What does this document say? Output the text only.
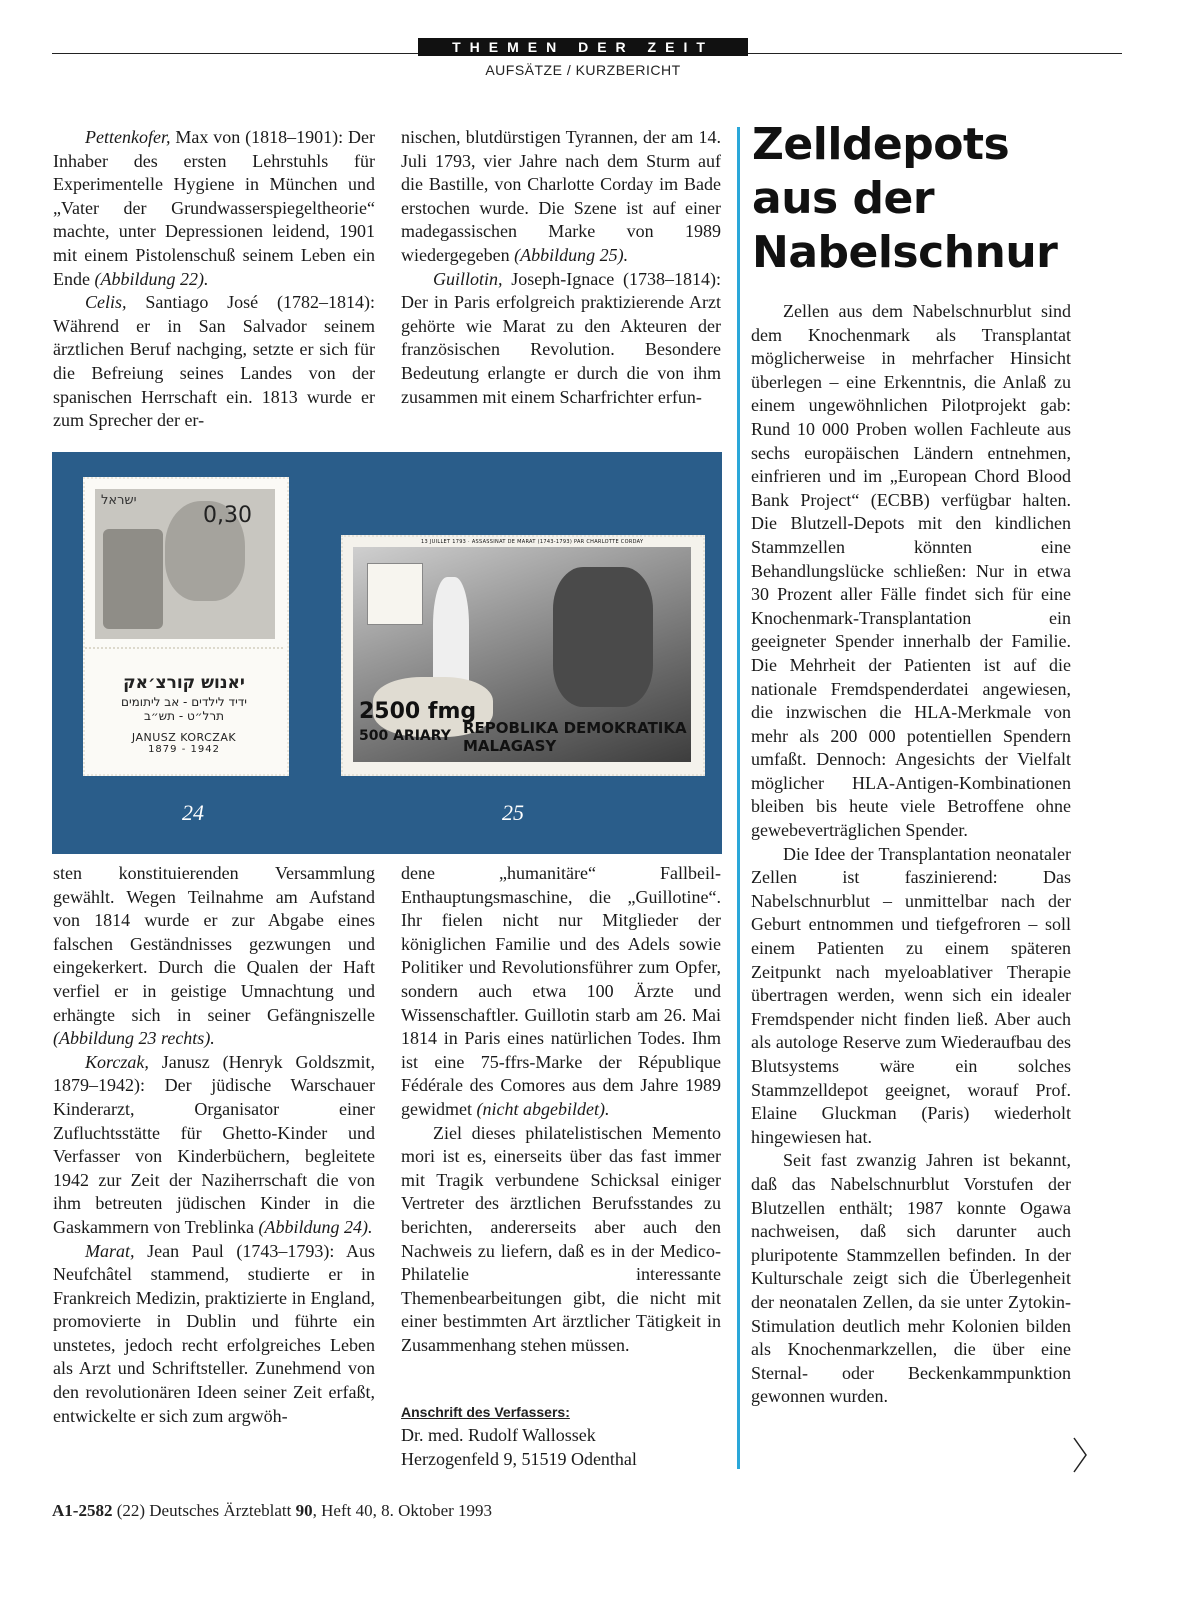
THEMEN DER ZEIT
AUFSÄTZE / KURZBERICHT

Pettenkofer, Max von (1818–1901): Der Inhaber des ersten Lehrstuhls für Experimentelle Hygiene in München und „Vater der Grundwasserspiegeltheorie“ machte, unter Depressionen leidend, 1901 mit einem Pistolenschuß seinem Leben ein Ende (Abbildung 22).

Celis, Santiago José (1782–1814): Während er in San Salvador seinem ärztlichen Beruf nachging, setzte er sich für die Befreiung seines Landes von der spanischen Herrschaft ein. 1813 wurde er zum Sprecher der er-

nischen, blutdürstigen Tyrannen, der am 14. Juli 1793, vier Jahre nach dem Sturm auf die Bastille, von Charlotte Corday im Bade erstochen wurde. Die Szene ist auf einer madegassischen Marke von 1989 wiedergegeben (Abbildung 25).

Guillotin, Joseph-Ignace (1738–1814): Der in Paris erfolgreich praktizierende Arzt gehörte wie Marat zu den Akteuren der französischen Revolution. Besondere Bedeutung erlangte er durch die von ihm zusammen mit einem Scharfrichter erfun-

ישראל
0,30
יאנוש קורצ׳אק
ידיד לילדים - אב ליתומים
תרל״ט - תש״ב
JANUSZ KORCZAK
1879 - 1942
13 JUILLET 1793 · ASSASSINAT DE MARAT (1743-1793) PAR CHARLOTTE CORDAY
2500 fmg
500 ARIARY REPOBLIKA DEMOKRATIKA MALAGASY
24	25

sten konstituierenden Versammlung gewählt. Wegen Teilnahme am Aufstand von 1814 wurde er zur Abgabe eines falschen Geständnisses gezwungen und eingekerkert. Durch die Qualen der Haft verfiel er in geistige Umnachtung und erhängte sich in seiner Gefängniszelle (Abbildung 23 rechts).

Korczak, Janusz (Henryk Goldszmit, 1879–1942): Der jüdische Warschauer Kinderarzt, Organisator einer Zufluchtsstätte für Ghetto-Kinder und Verfasser von Kinderbüchern, begleitete 1942 zur Zeit der Naziherrschaft die von ihm betreuten jüdischen Kinder in die Gaskammern von Treblinka (Abbildung 24).

Marat, Jean Paul (1743–1793): Aus Neufchâtel stammend, studierte er in Frankreich Medizin, praktizierte in England, promovierte in Dublin und führte ein unstetes, jedoch recht erfolgreiches Leben als Arzt und Schriftsteller. Zunehmend von den revolutionären Ideen seiner Zeit erfaßt, entwickelte er sich zum argwöh-

dene „humanitäre“ Fallbeil-Enthauptungsmaschine, die „Guillotine“. Ihr fielen nicht nur Mitglieder der königlichen Familie und des Adels sowie Politiker und Revolutionsführer zum Opfer, sondern auch etwa 100 Ärzte und Wissenschaftler. Guillotin starb am 26. Mai 1814 in Paris eines natürlichen Todes. Ihm ist eine 75-ffrs-Marke der République Fédérale des Comores aus dem Jahre 1989 gewidmet (nicht abgebildet).

Ziel dieses philatelistischen Memento mori ist es, einerseits über das fast immer mit Tragik verbundene Schicksal einiger Vertreter des ärztlichen Berufsstandes zu berichten, andererseits aber auch den Nachweis zu liefern, daß es in der Medico-Philatelie interessante Themenbearbeitungen gibt, die nicht mit einer bestimmten Art ärztlicher Tätigkeit in Zusammenhang stehen müssen.

Anschrift des Verfassers:
Dr. med. Rudolf Wallossek
Herzogenfeld 9, 51519 Odenthal
Zelldepots
aus der
Nabelschnur

Zellen aus dem Nabelschnurblut sind dem Knochenmark als Transplantat möglicherweise in mehrfacher Hinsicht überlegen – eine Erkenntnis, die Anlaß zu einem ungewöhnlichen Pilotprojekt gab: Rund 10 000 Proben wollen Fachleute aus sechs europäischen Ländern entnehmen, einfrieren und im „European Chord Blood Bank Project“ (ECBB) verfügbar halten. Die Blutzell-Depots mit den kindlichen Stammzellen könnten eine Behandlungslücke schließen: Nur in etwa 30 Prozent aller Fälle findet sich für eine Knochenmark-Transplantation ein geeigneter Spender innerhalb der Familie. Die Mehrheit der Patienten ist auf die nationale Fremdspenderdatei angewiesen, die inzwischen die HLA-Merkmale von mehr als 200 000 potentiellen Spendern umfaßt. Dennoch: Angesichts der Vielfalt möglicher HLA-Antigen-Kombinationen bleiben bis heute viele Betroffene ohne gewebeverträglichen Spender.

Die Idee der Transplantation neonataler Zellen ist faszinierend: Das Nabelschnurblut – unmittelbar nach der Geburt entnommen und tiefgefroren – soll einem Patienten zu einem späteren Zeitpunkt nach myeloablativer Therapie übertragen werden, wenn sich ein idealer Fremdspender nicht finden ließ. Aber auch als autologe Reserve zum Wiederaufbau des Blutsystems wäre ein solches Stammzelldepot geeignet, worauf Prof. Elaine Gluckman (Paris) wiederholt hingewiesen hat.

Seit fast zwanzig Jahren ist bekannt, daß das Nabelschnurblut Vorstufen der Blutzellen enthält; 1987 konnte Ogawa nachweisen, daß sich darunter auch pluripotente Stammzellen befinden. In der Kulturschale zeigt sich die Überlegenheit der neonatalen Zellen, da sie unter Zytokin-Stimulation deutlich mehr Kolonien bilden als Knochenmarkzellen, die über eine Sternal- oder Beckenkammpunktion gewonnen wurden.

A1-2582 (22) Deutsches Ärzteblatt 90, Heft 40, 8. Oktober 1993
